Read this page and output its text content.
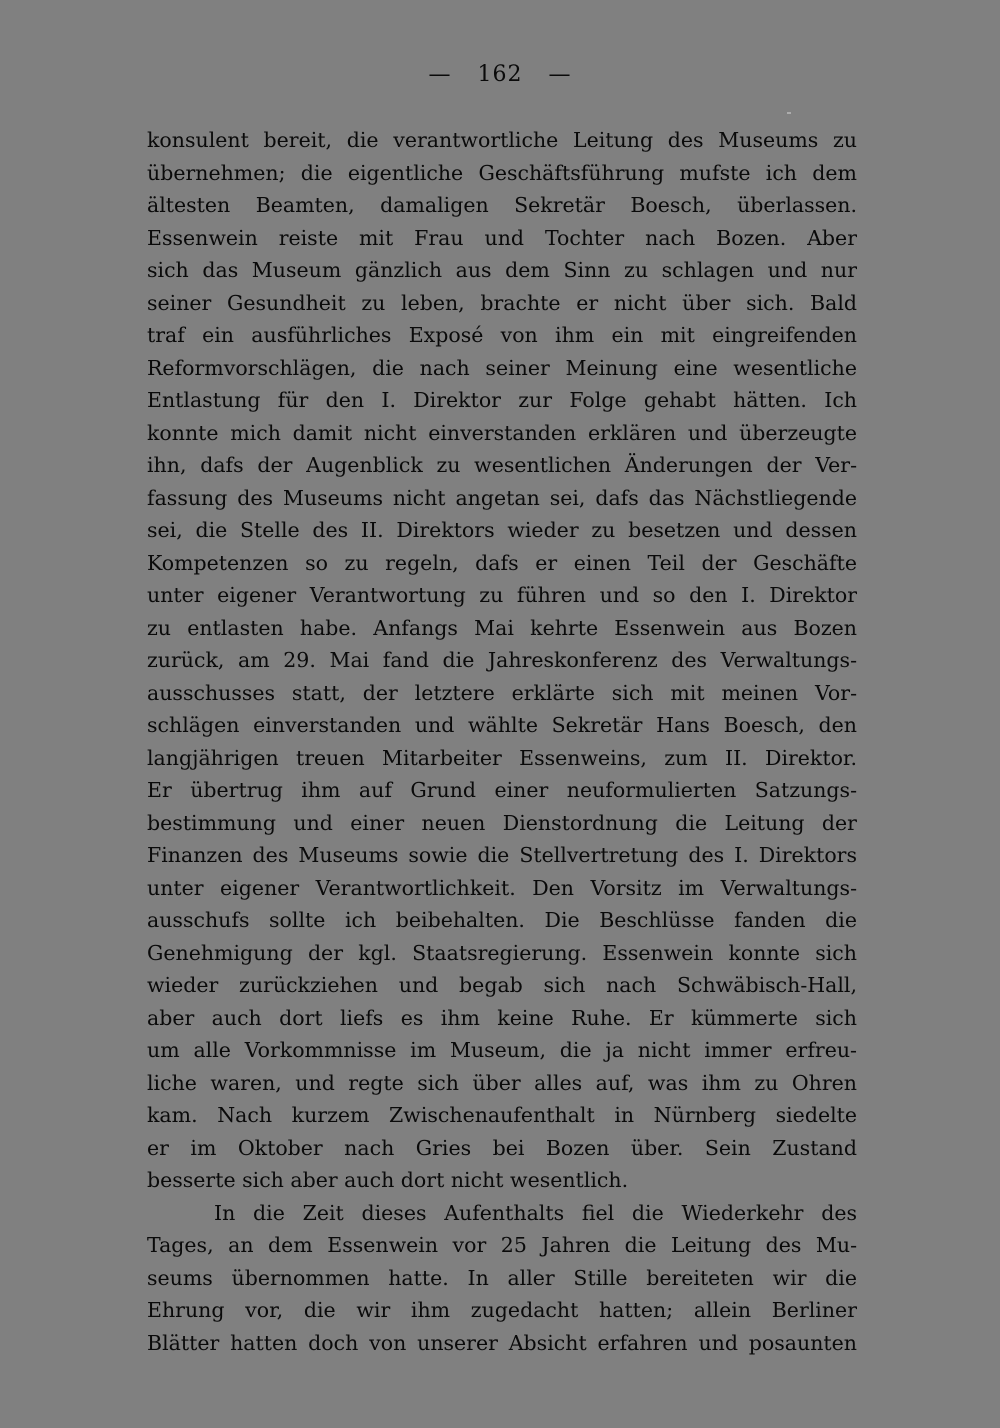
— 162 —
konsulent bereit, die verantwortliche Leitung des Museums zu
übernehmen; die eigentliche Geschäftsführung mufste ich dem
ältesten Beamten, damaligen Sekretär Boesch, überlassen.
Essenwein reiste mit Frau und Tochter nach Bozen. Aber
sich das Museum gänzlich aus dem Sinn zu schlagen und nur
seiner Gesundheit zu leben, brachte er nicht über sich. Bald
traf ein ausführliches Exposé von ihm ein mit eingreifenden
Reformvorschlägen, die nach seiner Meinung eine wesentliche
Entlastung für den I. Direktor zur Folge gehabt hätten. Ich
konnte mich damit nicht einverstanden erklären und überzeugte
ihn, dafs der Augenblick zu wesentlichen Änderungen der Ver-
fassung des Museums nicht angetan sei, dafs das Nächstliegende
sei, die Stelle des II. Direktors wieder zu besetzen und dessen
Kompetenzen so zu regeln, dafs er einen Teil der Geschäfte
unter eigener Verantwortung zu führen und so den I. Direktor
zu entlasten habe. Anfangs Mai kehrte Essenwein aus Bozen
zurück, am 29. Mai fand die Jahreskonferenz des Verwaltungs-
ausschusses statt, der letztere erklärte sich mit meinen Vor-
schlägen einverstanden und wählte Sekretär Hans Boesch, den
langjährigen treuen Mitarbeiter Essenweins, zum II. Direktor.
Er übertrug ihm auf Grund einer neuformulierten Satzungs-
bestimmung und einer neuen Dienstordnung die Leitung der
Finanzen des Museums sowie die Stellvertretung des I. Direktors
unter eigener Verantwortlichkeit. Den Vorsitz im Verwaltungs-
ausschufs sollte ich beibehalten. Die Beschlüsse fanden die
Genehmigung der kgl. Staatsregierung. Essenwein konnte sich
wieder zurückziehen und begab sich nach Schwäbisch-Hall,
aber auch dort liefs es ihm keine Ruhe. Er kümmerte sich
um alle Vorkommnisse im Museum, die ja nicht immer erfreu-
liche waren, und regte sich über alles auf, was ihm zu Ohren
kam. Nach kurzem Zwischenaufenthalt in Nürnberg siedelte
er im Oktober nach Gries bei Bozen über. Sein Zustand
besserte sich aber auch dort nicht wesentlich.
In die Zeit dieses Aufenthalts fiel die Wiederkehr des
Tages, an dem Essenwein vor 25 Jahren die Leitung des Mu-
seums übernommen hatte. In aller Stille bereiteten wir die
Ehrung vor, die wir ihm zugedacht hatten; allein Berliner
Blätter hatten doch von unserer Absicht erfahren und posaunten
